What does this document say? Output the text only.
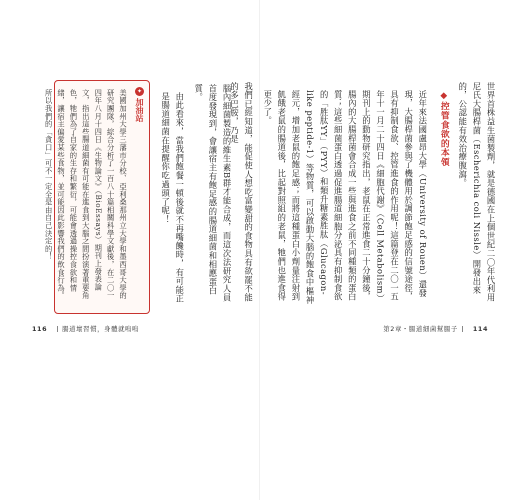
腦內細菌製造的維生素B群才能合成，而這次法研究人員首度發現到，會讓宿主有飽足感的腸道細菌和相應蛋白質。

由此看來，當我們飽餐一頓後就不再嘴饞時，有可能正是腸道細菌在提醒你吃過頭了呢！

✦加油站
美國加州大學三藩市分校、亞利桑那州立大學和墨西哥大學的研究團隊，綜合分析了一百八十篇相關科學文獻後，在二〇一四年八月十四日《生物論文》（BioEssays）期刊上發表論文，指出這些腸道細菌有可能在進食到大腦之間扮演著重要角色，牠們為了自家的生存和繁衍，可能會透過操控食欲和情緒，讓宿主偏愛某些食物，並可能因此影響我們的飲食行為。所以我們的「貪口」可不一定全是由自己決定的！
116 腸道壞習慣，身體就嗚嗚

世界首株益生菌製劑，就是德國在上個世紀二〇年代利用尼氏大腸桿菌（Escherichia coli Nissle）開發出來的，公認能有效治療腹瀉。

◆控管食欲的本領

近年來法國盧昂大學（University of Rouen）還發現，大腸桿菌參與了機體用於調節飽足感的信號途徑，具有抑制食欲、控管進食的作用呢！這篇登在二〇一五年十一月二十四日《細胞代謝》（Cell Metabolism）期刊上的動物研究指出，老鼠在正常進食二十分鐘後，腸內的大腸桿菌會合成一些與進食之前不同種類的蛋白質；這些細菌蛋白透過促進腸道細胞分泌具有抑制食欲的「胜肽YY」（PYY）和類升糖素胜肽（Glucagon-like peptide-1）等物質，可以啟動大腦的飽食中樞神經元，增加老鼠的飽足感；而將這種蛋白小劑量注射到飢餓老鼠的腸道後，比起對照組的老鼠，牠們也進食得更少了。

我們已經知道，能促使人想吃富變甜的食物具有欲罷不能的多巴胺，乃是

第2章・腸道細菌幫腸子 114
